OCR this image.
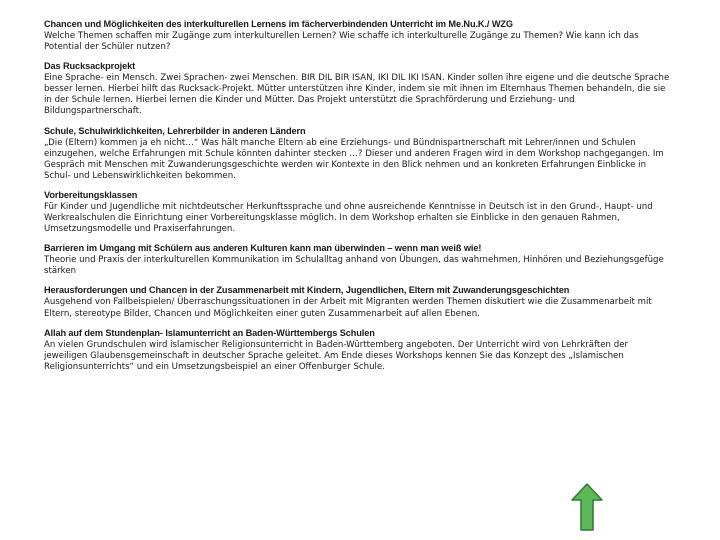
Chancen und Möglichkeiten des interkulturellen Lernens im fächerverbindenden Unterricht im Me.Nu.K./ WZG
Welche Themen schaffen mir Zugänge zum interkulturellen Lernen? Wie schaffe ich interkulturelle Zugänge zu Themen? Wie kann ich das Potential der Schüler nutzen?
Das Rucksackprojekt
Eine Sprache- ein Mensch. Zwei Sprachen- zwei Menschen. BIR DIL BIR ISAN, IKI DIL IKI ISAN. Kinder sollen ihre eigene und die deutsche Sprache besser lernen. Hierbei hilft das Rucksack-Projekt. Mütter unterstützen ihre Kinder, indem sie mit ihnen im Elternhaus Themen behandeln, die sie in der Schule lernen. Hierbei lernen die Kinder und Mütter. Das Projekt unterstützt die Sprachförderung und Erziehung- und Bildungspartnerschaft.
Schule, Schulwirklichkeiten, Lehrerbilder in anderen Ländern
„Die (Eltern) kommen ja eh nicht…“ Was hält manche Eltern ab eine Erziehungs- und Bündnispartnerschaft mit Lehrer/innen und Schulen einzugehen, welche Erfahrungen mit Schule könnten dahinter stecken …? Dieser und anderen Fragen wird in dem Workshop nachgegangen. Im Gespräch mit Menschen mit Zuwanderungsgeschichte werden wir Kontexte in den Blick nehmen und an konkreten Erfahrungen Einblicke in Schul- und Lebenswirklichkeiten bekommen.
Vorbereitungsklassen
Für Kinder und Jugendliche mit nichtdeutscher Herkunftssprache und ohne ausreichende Kenntnisse in Deutsch ist in den Grund-, Haupt- und Werkrealschulen die Einrichtung einer Vorbereitungsklasse möglich. In dem Workshop erhalten sie Einblicke in den genauen Rahmen, Umsetzungsmodelle und Praxiserfahrungen.
Barrieren im Umgang mit Schülern aus anderen Kulturen kann man überwinden – wenn man weiß wie!
Theorie und Praxis der interkulturellen Kommunikation im Schulalltag anhand von Übungen, das wahrnehmen, Hinhören und Beziehungsgefüge stärken
Herausforderungen und Chancen in der Zusammenarbeit mit Kindern, Jugendlichen, Eltern mit Zuwanderungsgeschichten
Ausgehend von Fallbeispielen/ Überraschungssituationen in der Arbeit mit Migranten werden Themen diskutiert wie die Zusammenarbeit mit Eltern, stereotype Bilder, Chancen und Möglichkeiten einer guten Zusammenarbeit auf allen Ebenen.
Allah auf dem Stundenplan- Islamunterricht an Baden-Württembergs Schulen
An vielen Grundschulen wird islamischer Religionsunterricht in Baden-Württemberg angeboten. Der Unterricht wird von Lehrkräften der jeweiligen Glaubensgemeinschaft in deutscher Sprache geleitet. Am Ende dieses Workshops kennen Sie das Konzept des „Islamischen Religionsunterrichts“ und ein Umsetzungsbeispiel an einer Offenburger Schule.
